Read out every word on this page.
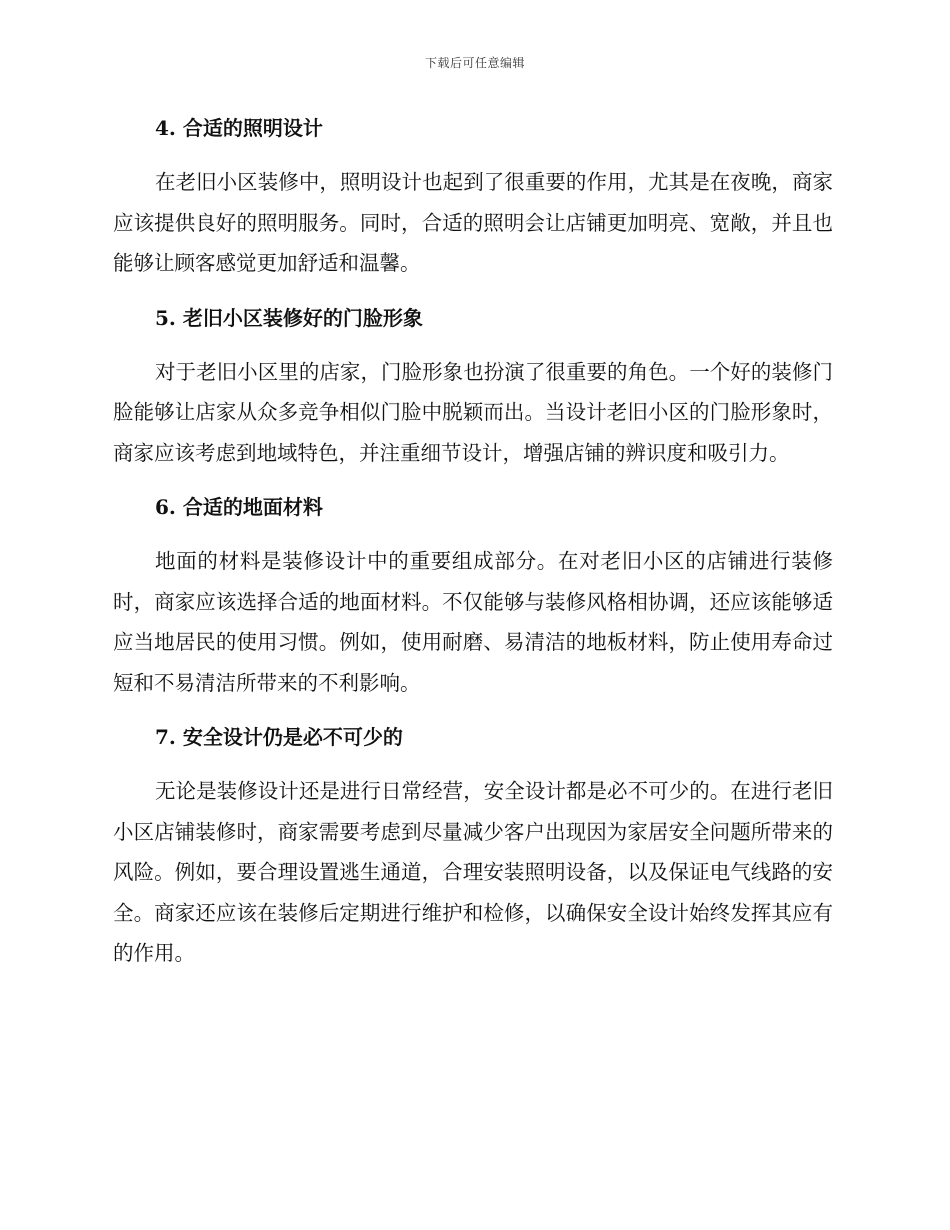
下载后可任意编辑
4. 合适的照明设计

在老旧小区装修中，照明设计也起到了很重要的作用，尤其是在夜晚，商家应该提供良好的照明服务。同时，合适的照明会让店铺更加明亮、宽敞，并且也能够让顾客感觉更加舒适和温馨。

5. 老旧小区装修好的门脸形象

对于老旧小区里的店家，门脸形象也扮演了很重要的角色。一个好的装修门脸能够让店家从众多竞争相似门脸中脱颖而出。当设计老旧小区的门脸形象时，商家应该考虑到地域特色，并注重细节设计，增强店铺的辨识度和吸引力。

6. 合适的地面材料

地面的材料是装修设计中的重要组成部分。在对老旧小区的店铺进行装修时，商家应该选择合适的地面材料。不仅能够与装修风格相协调，还应该能够适应当地居民的使用习惯。例如，使用耐磨、易清洁的地板材料，防止使用寿命过短和不易清洁所带来的不利影响。

7. 安全设计仍是必不可少的

无论是装修设计还是进行日常经营，安全设计都是必不可少的。在进行老旧小区店铺装修时，商家需要考虑到尽量减少客户出现因为家居安全问题所带来的风险。例如，要合理设置逃生通道，合理安装照明设备，以及保证电气线路的安全。商家还应该在装修后定期进行维护和检修，以确保安全设计始终发挥其应有的作用。
